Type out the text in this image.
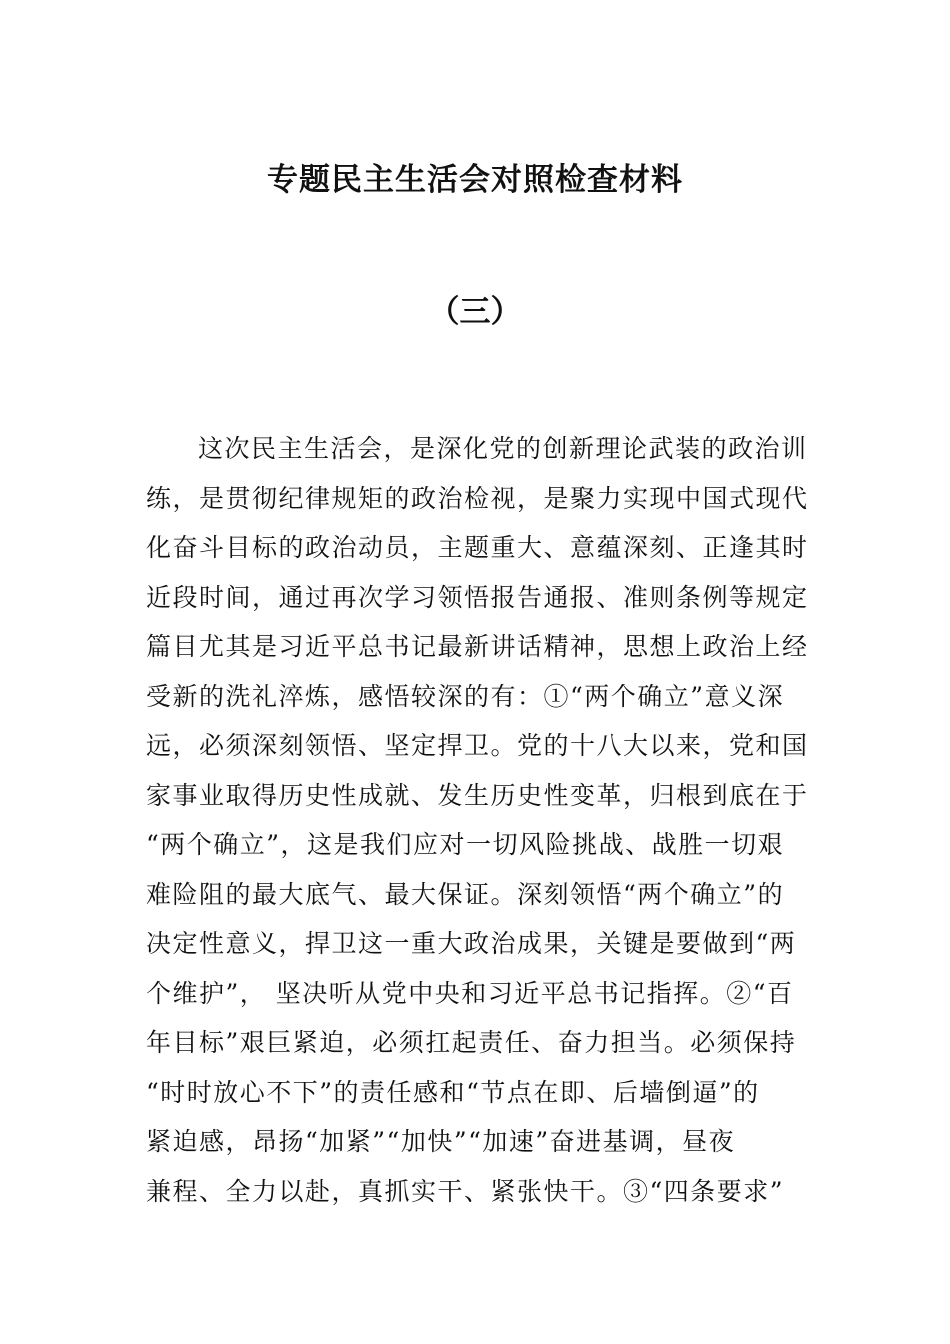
专题民主生活会对照检查材料
（三）
这次民主生活会，是深化党的创新理论武装的政治训
练，是贯彻纪律规矩的政治检视，是聚力实现中国式现代
化奋斗目标的政治动员，主题重大、意蕴深刻、正逢其时
近段时间，通过再次学习领悟报告通报、准则条例等规定
篇目尤其是习近平总书记最新讲话精神，思想上政治上经
受新的洗礼淬炼，感悟较深的有：①“两个确立”意义深
远，必须深刻领悟、坚定捍卫。党的十八大以来，党和国
家事业取得历史性成就、发生历史性变革，归根到底在于
“两个确立”，这是我们应对一切风险挑战、战胜一切艰
难险阻的最大底气、最大保证。深刻领悟“两个确立”的
决定性意义，捍卫这一重大政治成果，关键是要做到“两
个维护”， 坚决听从党中央和习近平总书记指挥。②“百
年目标”艰巨紧迫，必须扛起责任、奋力担当。必须保持
“时时放心不下”的责任感和“节点在即、后墙倒逼”的
紧迫感，昂扬“加紧”“加快”“加速”奋进基调，昼夜
兼程、全力以赴，真抓实干、紧张快干。③“四条要求”
